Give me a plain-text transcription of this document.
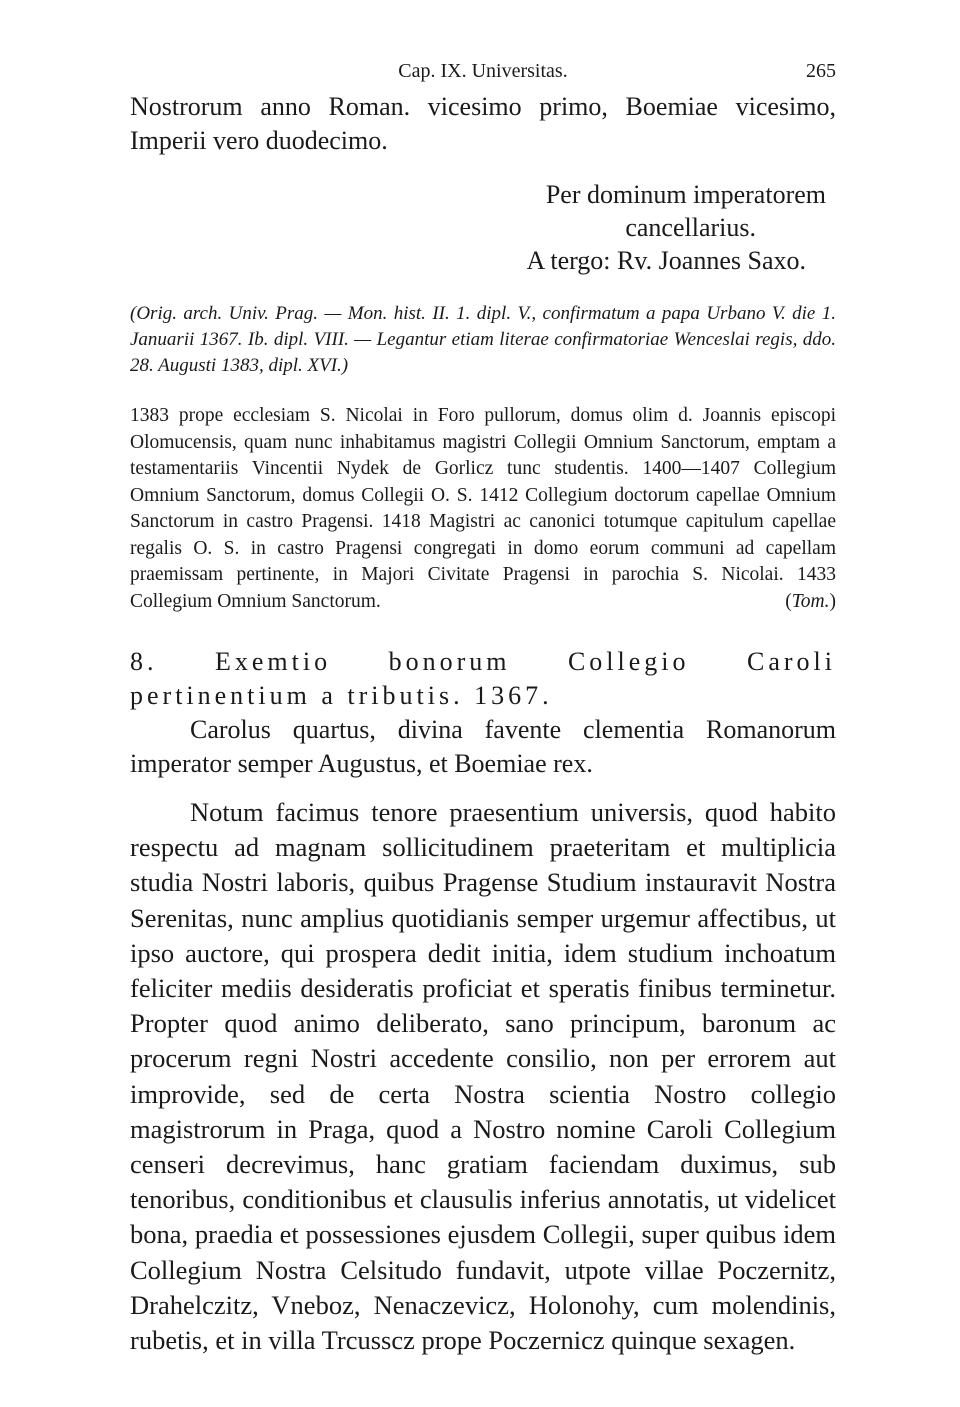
Cap. IX. Universitas.	265

Nostrorum anno Roman. vicesimo primo, Boemiae vicesimo, Imperii vero duodecimo.

Per dominum imperatorem
cancellarius.
A tergo: Rv. Joannes Saxo.

(Orig. arch. Univ. Prag. — Mon. hist. II. 1. dipl. V., confirmatum a papa Urbano V. die 1. Januarii 1367. Ib. dipl. VIII. — Legantur etiam literae confirmatoriae Wenceslai regis, ddo. 28. Augusti 1383, dipl. XVI.)

1383 prope ecclesiam S. Nicolai in Foro pullorum, domus olim d. Joannis episcopi Olomucensis, quam nunc inhabitamus magistri Collegii Omnium Sanctorum, emptam a testamentariis Vincentii Nydek de Gorlicz tunc studentis. 1400—1407 Collegium Omnium Sanctorum, domus Collegii O. S. 1412 Collegium doctorum capellae Omnium Sanctorum in castro Pragensi. 1418 Magistri ac canonici totumque capitulum capellae regalis O. S. in castro Pragensi congregati in domo eorum communi ad capellam praemissam pertinente, in Majori Civitate Pragensi in parochia S. Nicolai. 1433 Collegium Omnium Sanctorum.	(Tom.)
8. Exemtio bonorum Collegio Caroli pertinentium a tributis. 1367.

Carolus quartus, divina favente clementia Romanorum imperator semper Augustus, et Boemiae rex.

Notum facimus tenore praesentium universis, quod habito respectu ad magnam sollicitudinem praeteritam et multiplicia studia Nostri laboris, quibus Pragense Studium instauravit Nostra Serenitas, nunc amplius quotidianis semper urgemur affectibus, ut ipso auctore, qui prospera dedit initia, idem studium inchoatum feliciter mediis desideratis proficiat et speratis finibus terminetur. Propter quod animo deliberato, sano principum, baronum ac procerum regni Nostri accedente consilio, non per errorem aut improvide, sed de certa Nostra scientia Nostro collegio magistrorum in Praga, quod a Nostro nomine Caroli Collegium censeri decrevimus, hanc gratiam faciendam duximus, sub tenoribus, conditionibus et clausulis inferius annotatis, ut videlicet bona, praedia et possessiones ejusdem Collegii, super quibus idem Collegium Nostra Celsitudo fundavit, utpote villae Poczernitz, Drahelczitz, Vneboz, Nenaczevicz, Holonohy, cum molendinis, rubetis, et in villa Trcusscz prope Poczernicz quinque sexagen.
